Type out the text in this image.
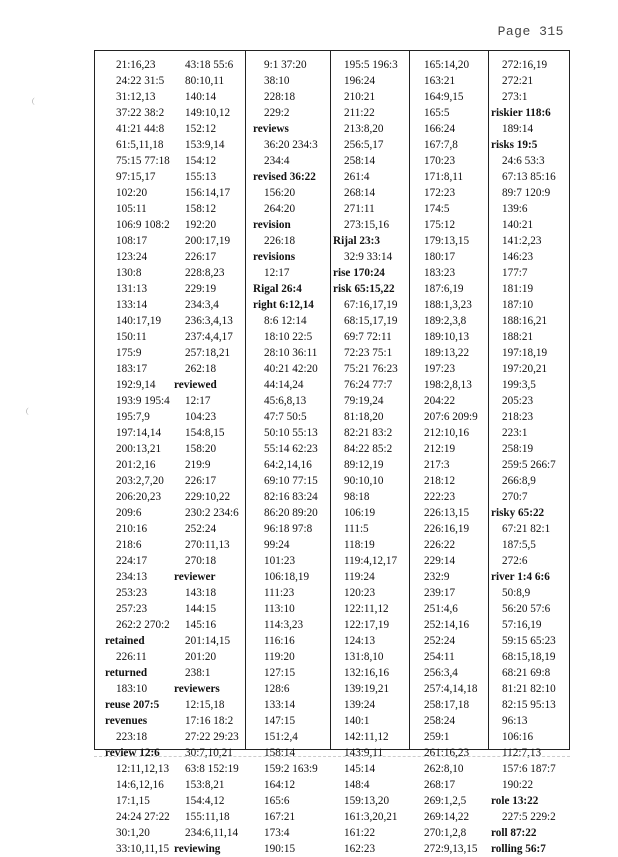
Page 315
﹙
﹙
21:16,23
24:22 31:5
31:12,13
37:22 38:2
41:21 44:8
61:5,11,18
75:15 77:18
97:15,17
102:20
105:11
106:9 108:2
108:17
123:24
130:8
131:13
133:14
140:17,19
150:11
175:9
183:17
192:9,14
193:9 195:4
195:7,9
197:14,14
200:13,21
201:2,16
203:2,7,20
206:20,23
209:6
210:16
218:6
224:17
234:13
253:23
257:23
262:2 270:2
retained
226:11
returned
183:10
reuse 207:5
revenues
223:18
review 12:6
12:11,12,13
14:6,12,16
17:1,15
24:24 27:22
30:1,20
33:10,11,15
43:18 55:6
80:10,11
140:14
149:10,12
152:12
153:9,14
154:12
155:13
156:14,17
158:12
192:20
200:17,19
226:17
228:8,23
229:19
234:3,4
236:3,4,13
237:4,4,17
257:18,21
262:18
reviewed
12:17
104:23
154:8,15
158:20
219:9
226:17
229:10,22
230:2 234:6
252:24
270:11,13
270:18
reviewer
143:18
144:15
145:16
201:14,15
201:20
238:1
reviewers
12:15,18
17:16 18:2
27:22 29:23
30:7,10,21
63:8 152:19
153:8,21
154:4,12
155:11,18
234:6,11,14
reviewing
9:1 37:20
38:10
228:18
229:2
reviews
36:20 234:3
234:4
revised 36:22
156:20
264:20
revision
226:18
revisions
12:17
Rigal 26:4
right 6:12,14
8:6 12:14
18:10 22:5
28:10 36:11
40:21 42:20
44:14,24
45:6,8,13
47:7 50:5
50:10 55:13
55:14 62:23
64:2,14,16
69:10 77:15
82:16 83:24
86:20 89:20
96:18 97:8
99:24
101:23
106:18,19
111:23
113:10
114:3,23
116:16
119:20
127:15
128:6
133:14
147:15
151:2,4
158:14
159:2 163:9
164:12
165:6
167:21
173:4
190:15
195:5 196:3
196:24
210:21
211:22
213:8,20
256:5,17
258:14
261:4
268:14
271:11
273:15,16
Rijal 23:3
32:9 33:14
rise 170:24
risk 65:15,22
67:16,17,19
68:15,17,19
69:7 72:11
72:23 75:1
75:21 76:23
76:24 77:7
79:19,24
81:18,20
82:21 83:2
84:22 85:2
89:12,19
90:10,10
98:18
106:19
111:5
118:19
119:4,12,17
119:24
120:23
122:11,12
122:17,19
124:13
131:8,10
132:16,16
139:19,21
139:24
140:1
142:11,12
143:9,11
145:14
148:4
159:13,20
161:3,20,21
161:22
162:23
165:14,20
163:21
164:9,15
165:5
166:24
167:7,8
170:23
171:8,11
172:23
174:5
175:12
179:13,15
180:17
183:23
187:6,19
188:1,3,23
189:2,3,8
189:10,13
189:13,22
197:23
198:2,8,13
204:22
207:6 209:9
212:10,16
212:19
217:3
218:12
222:23
226:13,15
226:16,19
226:22
229:14
232:9
239:17
251:4,6
252:14,16
252:24
254:11
256:3,4
257:4,14,18
258:17,18
258:24
259:1
261:16,23
262:8,10
268:17
269:1,2,5
269:14,22
270:1,2,8
272:9,13,15
272:16,19
272:21
273:1
riskier 118:6
189:14
risks 19:5
24:6 53:3
67:13 85:16
89:7 120:9
139:6
140:21
141:2,23
146:23
177:7
181:19
187:10
188:16,21
188:21
197:18,19
197:20,21
199:3,5
205:23
218:23
223:1
258:19
259:5 266:7
266:8,9
270:7
risky 65:22
67:21 82:1
187:5,5
272:6
river 1:4 6:6
50:8,9
56:20 57:6
57:16,19
59:15 65:23
68:15,18,19
68:21 69:8
81:21 82:10
82:15 95:13
96:13
106:16
112:7,13
157:6 187:7
190:22
role 13:22
227:5 229:2
roll 87:22
rolling 56:7
